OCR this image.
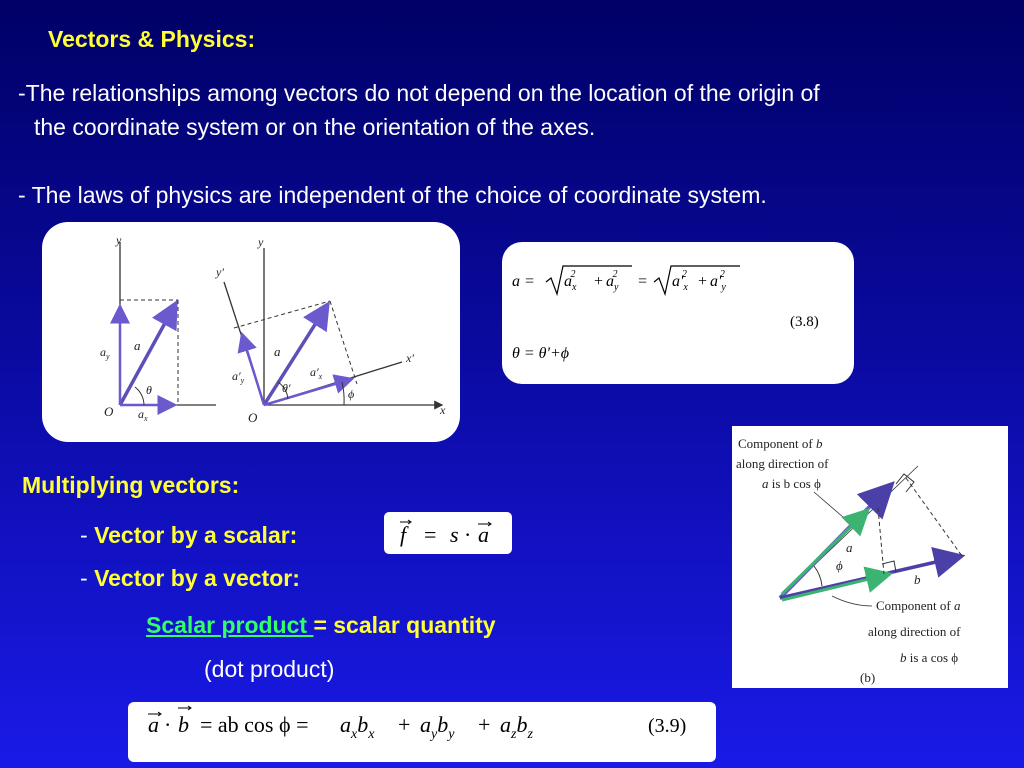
Vectors & Physics:
-The relationships among vectors do not depend on the location of the origin of
the coordinate system or on the orientation of the axes.
- The laws of physics are independent of the choice of coordinate system.
y
$a_y$
a
θ
O $a_x$
y
y′
$a'_y$
a
$a'_x$
x′
θ′	ϕ
O	x
$a = a_x2 + a_y2 = a'_x2 + a'_y2$
(3.8)
θ = θ'+ϕ
Component of b
along direction of
a is b cos ϕ
a
ϕ
b
Component of a
along direction of
b is a cos ϕ
(b)
Multiplying vectors:
- Vector by a scalar:	f = s · a
- Vector by a vector:
Scalar product = scalar quantity
(dot product)
a · b = ab $\cos \phi = a_xb_x + a_yb_y + a_zb_z$	(3.9)
